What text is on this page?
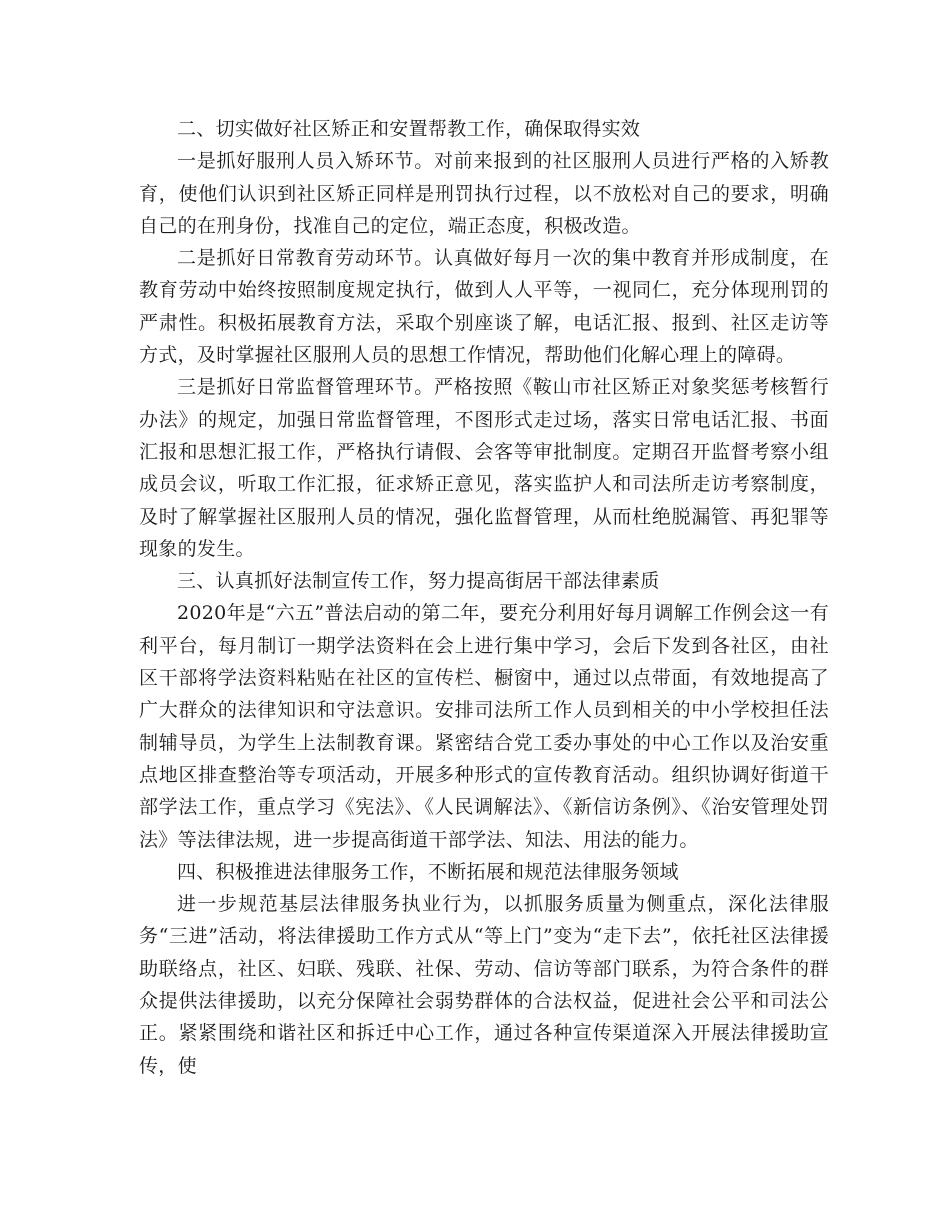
二、切实做好社区矫正和安置帮教工作，确保取得实效

一是抓好服刑人员入矫环节。对前来报到的社区服刑人员进行严格的入矫教育，使他们认识到社区矫正同样是刑罚执行过程，以不放松对自己的要求，明确自己的在刑身份，找准自己的定位，端正态度，积极改造。

二是抓好日常教育劳动环节。认真做好每月一次的集中教育并形成制度，在教育劳动中始终按照制度规定执行，做到人人平等，一视同仁，充分体现刑罚的严肃性。积极拓展教育方法，采取个别座谈了解，电话汇报、报到、社区走访等方式，及时掌握社区服刑人员的思想工作情况，帮助他们化解心理上的障碍。

三是抓好日常监督管理环节。严格按照《鞍山市社区矫正对象奖惩考核暂行办法》的规定，加强日常监督管理，不图形式走过场，落实日常电话汇报、书面汇报和思想汇报工作，严格执行请假、会客等审批制度。定期召开监督考察小组成员会议，听取工作汇报，征求矫正意见，落实监护人和司法所走访考察制度，及时了解掌握社区服刑人员的情况，强化监督管理，从而杜绝脱漏管、再犯罪等现象的发生。

三、认真抓好法制宣传工作，努力提高街居干部法律素质

2020年是“六五”普法启动的第二年，要充分利用好每月调解工作例会这一有利平台，每月制订一期学法资料在会上进行集中学习，会后下发到各社区，由社区干部将学法资料粘贴在社区的宣传栏、橱窗中，通过以点带面，有效地提高了广大群众的法律知识和守法意识。安排司法所工作人员到相关的中小学校担任法制辅导员，为学生上法制教育课。紧密结合党工委办事处的中心工作以及治安重点地区排查整治等专项活动，开展多种形式的宣传教育活动。组织协调好街道干部学法工作，重点学习《宪法》、《人民调解法》、《新信访条例》、《治安管理处罚法》等法律法规，进一步提高街道干部学法、知法、用法的能力。

四、积极推进法律服务工作，不断拓展和规范法律服务领域

进一步规范基层法律服务执业行为，以抓服务质量为侧重点，深化法律服务“三进”活动，将法律援助工作方式从“等上门”变为“走下去”，依托社区法律援助联络点，社区、妇联、残联、社保、劳动、信访等部门联系，为符合条件的群众提供法律援助，以充分保障社会弱势群体的合法权益，促进社会公平和司法公正。紧紧围绕和谐社区和拆迁中心工作，通过各种宣传渠道深入开展法律援助宣传，使
